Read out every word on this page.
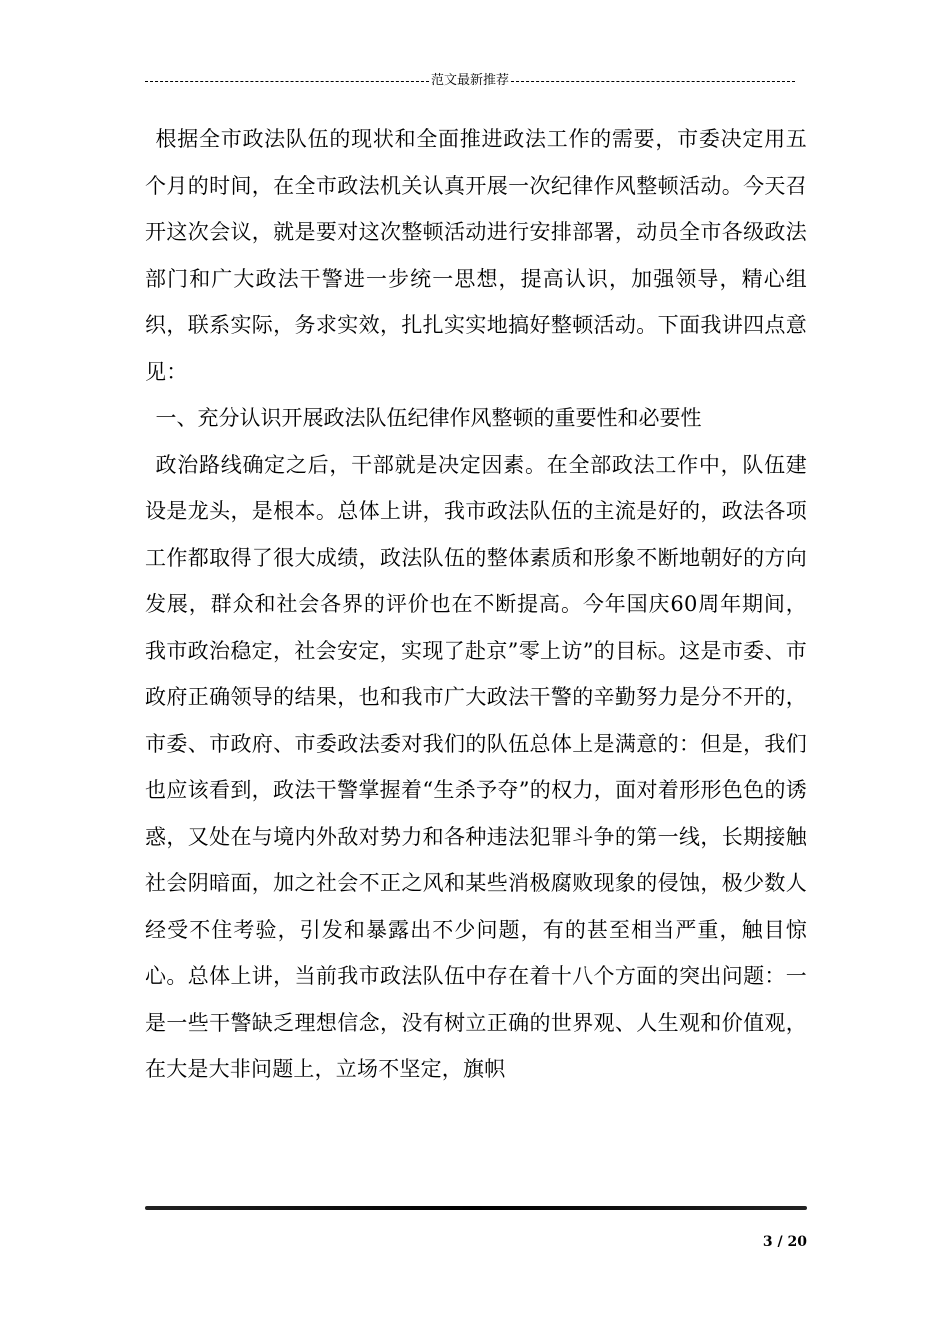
范文最新推荐

根据全市政法队伍的现状和全面推进政法工作的需要，市委决定用五个月的时间，在全市政法机关认真开展一次纪律作风整顿活动。今天召开这次会议，就是要对这次整顿活动进行安排部署，动员全市各级政法部门和广大政法干警进一步统一思想，提高认识，加强领导，精心组织，联系实际，务求实效，扎扎实实地搞好整顿活动。下面我讲四点意见：

一、充分认识开展政法队伍纪律作风整顿的重要性和必要性

政治路线确定之后，干部就是决定因素。在全部政法工作中，队伍建设是龙头，是根本。总体上讲，我市政法队伍的主流是好的，政法各项工作都取得了很大成绩，政法队伍的整体素质和形象不断地朝好的方向发展，群众和社会各界的评价也在不断提高。今年国庆60周年期间，我市政治稳定，社会安定，实现了赴京”零上访”的目标。这是市委、市政府正确领导的结果，也和我市广大政法干警的辛勤努力是分不开的，市委、市政府、市委政法委对我们的队伍总体上是满意的：但是，我们也应该看到，政法干警掌握着“生杀予夺”的权力，面对着形形色色的诱惑，又处在与境内外敌对势力和各种违法犯罪斗争的第一线，长期接触社会阴暗面，加之社会不正之风和某些消极腐败现象的侵蚀，极少数人经受不住考验，引发和暴露出不少问题，有的甚至相当严重，触目惊心。总体上讲，当前我市政法队伍中存在着十八个方面的突出问题：一是一些干警缺乏理想信念，没有树立正确的世界观、人生观和价值观，在大是大非问题上，立场不坚定，旗帜

3 / 20
